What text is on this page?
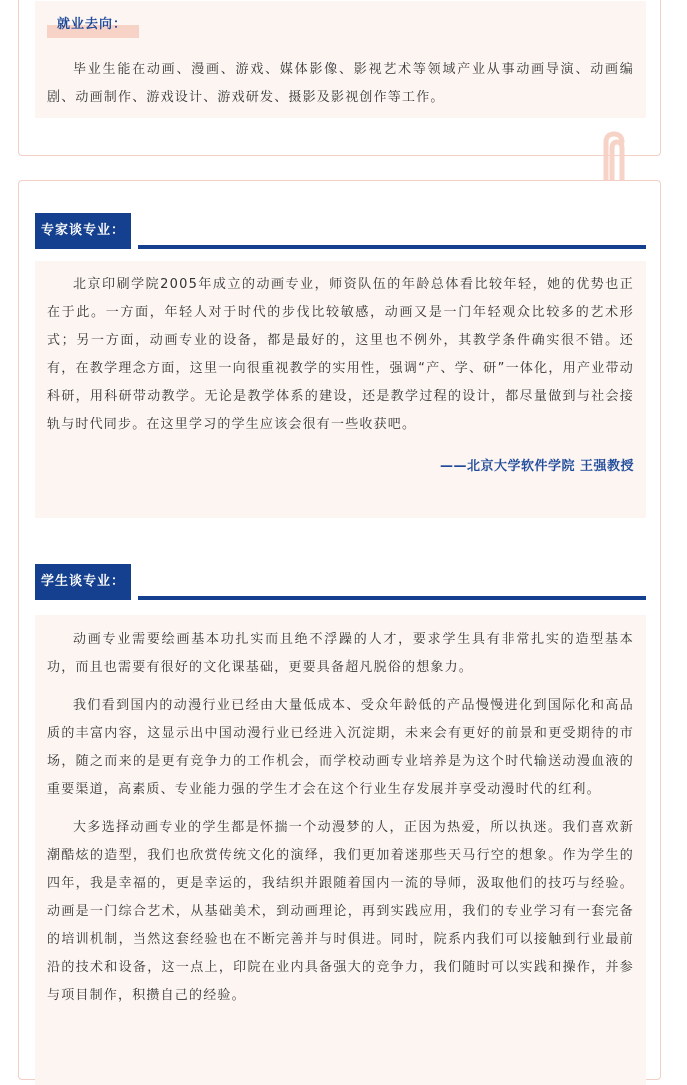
就业去向：

毕业生能在动画、漫画、游戏、媒体影像、影视艺术等领域产业从事动画导演、动画编剧、动画制作、游戏设计、游戏研发、摄影及影视创作等工作。

专家谈专业：

北京印刷学院2005年成立的动画专业，师资队伍的年龄总体看比较年轻，她的优势也正在于此。一方面，年轻人对于时代的步伐比较敏感，动画又是一门年轻观众比较多的艺术形式；另一方面，动画专业的设备，都是最好的，这里也不例外，其教学条件确实很不错。还有，在教学理念方面，这里一向很重视教学的实用性，强调“产、学、研”一体化，用产业带动科研，用科研带动教学。无论是教学体系的建设，还是教学过程的设计，都尽量做到与社会接轨与时代同步。在这里学习的学生应该会很有一些收获吧。

——北京大学软件学院 王强教授
学生谈专业：

动画专业需要绘画基本功扎实而且绝不浮躁的人才，要求学生具有非常扎实的造型基本功，而且也需要有很好的文化课基础，更要具备超凡脱俗的想象力。

我们看到国内的动漫行业已经由大量低成本、受众年龄低的产品慢慢进化到国际化和高品质的丰富内容，这显示出中国动漫行业已经进入沉淀期，未来会有更好的前景和更受期待的市场，随之而来的是更有竞争力的工作机会，而学校动画专业培养是为这个时代输送动漫血液的重要渠道，高素质、专业能力强的学生才会在这个行业生存发展并享受动漫时代的红利。

大多选择动画专业的学生都是怀揣一个动漫梦的人，正因为热爱，所以执迷。我们喜欢新潮酷炫的造型，我们也欣赏传统文化的演绎，我们更加着迷那些天马行空的想象。作为学生的四年，我是幸福的，更是幸运的，我结织并跟随着国内一流的导师，汲取他们的技巧与经验。动画是一门综合艺术，从基础美术，到动画理论，再到实践应用，我们的专业学习有一套完备的培训机制，当然这套经验也在不断完善并与时俱进。同时，院系内我们可以接触到行业最前沿的技术和设备，这一点上，印院在业内具备强大的竞争力，我们随时可以实践和操作，并参与项目制作，积攒自己的经验。
